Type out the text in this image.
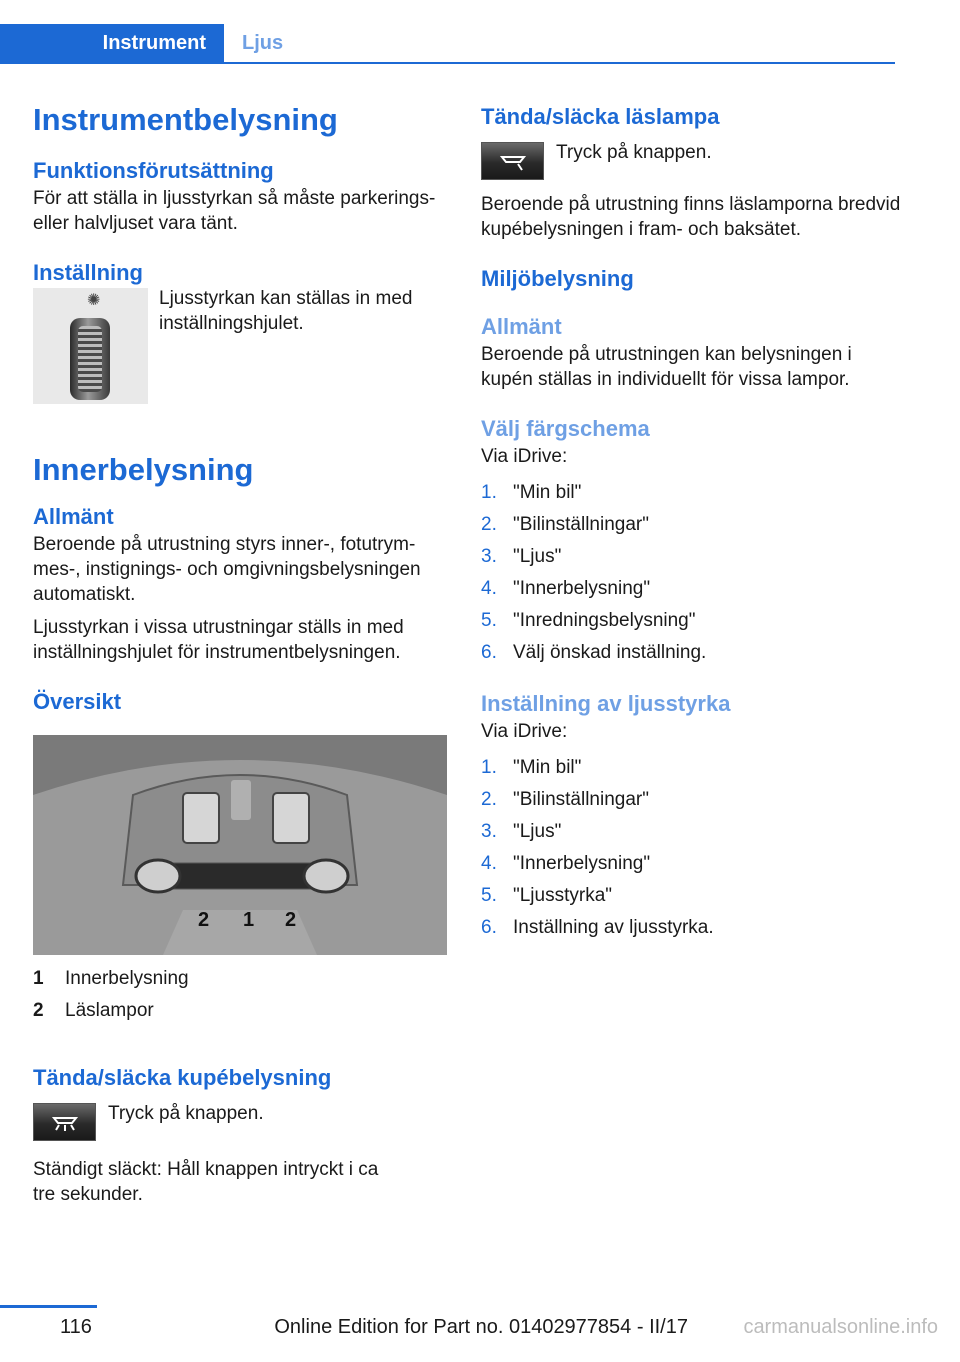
Instrument	Ljus
Instrumentbelysning
Funktionsförutsättning

För att ställa in ljusstyrkan så måste parkerings- eller halvljuset vara tänt.

Inställning
✺	Ljusstyrkan kan ställas in med inställningshjulet.

Innerbelysning
Allmänt

Beroende på utrustning styrs inner-, fotutrymmes-, instignings- och omgivningsbelysningen automatiskt.

Ljusstyrkan i vissa utrustningar ställs in med inställningshjulet för instrumentbelysningen.

Översikt
2 1 2
1	Innerbelysning
2	Läslampor
Tända/släcka kupébelysning

Tryck på knappen.

Ständigt släckt: Håll knappen intryckt i ca tre sekunder.

Tända/släcka läslampa

Tryck på knappen.

Beroende på utrustning finns läslamporna bredvid kupébelysningen i fram- och baksätet.

Miljöbelysning
Allmänt

Beroende på utrustningen kan belysningen i kupén ställas in individuellt för vissa lampor.

Välj färgschema

Via iDrive:

1. "Min bil"
2. "Bilinställningar"
3. "Ljus"
4. "Innerbelysning"
5. "Inredningsbelysning"
6. Välj önskad inställning.
Inställning av ljusstyrka

Via iDrive:

1. "Min bil"
2. "Bilinställningar"
3. "Ljus"
4. "Innerbelysning"
5. "Ljusstyrka"
6. Inställning av ljusstyrka.
116	Online Edition for Part no. 01402977854 - II/17	carmanualsonline.info
